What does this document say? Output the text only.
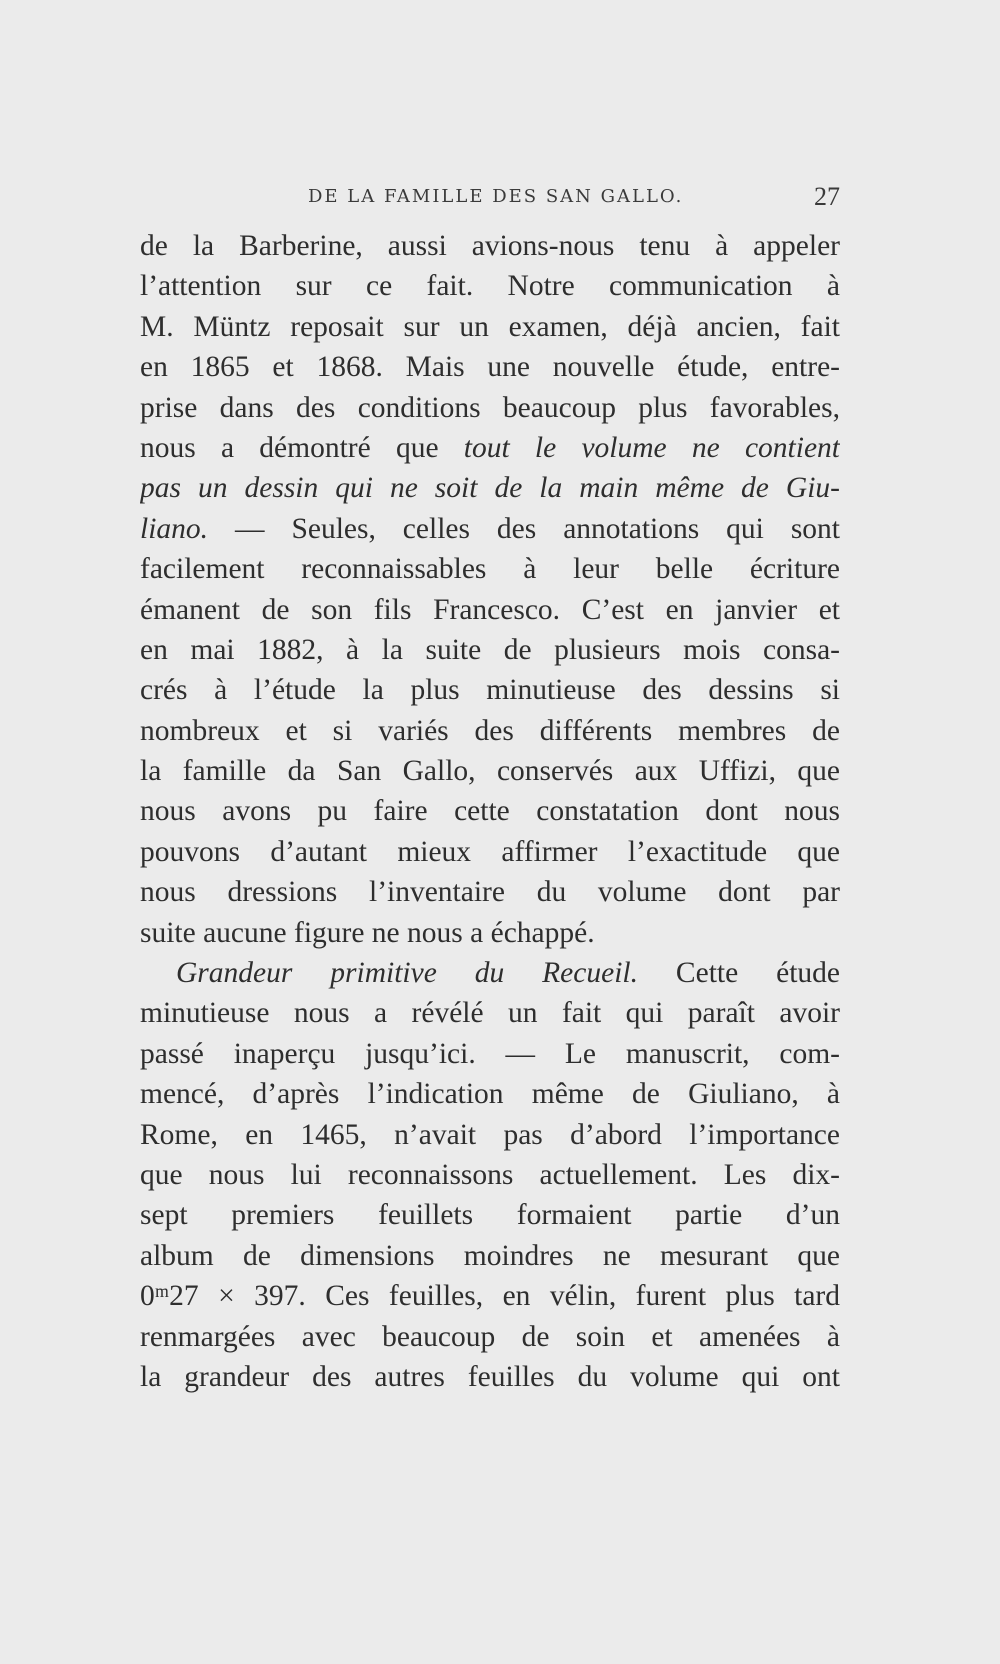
DE LA FAMILLE DES SAN GALLO.	27
de la Barberine, aussi avions-nous tenu à appeler
l’attention sur ce fait. Notre communication à
M. Müntz reposait sur un examen, déjà ancien, fait
en 1865 et 1868. Mais une nouvelle étude, entre-
prise dans des conditions beaucoup plus favorables,
nous a démontré que tout le volume ne contient
pas un dessin qui ne soit de la main même de Giu-
liano. — Seules, celles des annotations qui sont
facilement reconnaissables à leur belle écriture
émanent de son fils Francesco. C’est en janvier et
en mai 1882, à la suite de plusieurs mois consa-
crés à l’étude la plus minutieuse des dessins si
nombreux et si variés des différents membres de
la famille da San Gallo, conservés aux Uffizi, que
nous avons pu faire cette constatation dont nous
pouvons d’autant mieux affirmer l’exactitude que
nous dressions l’inventaire du volume dont par
suite aucune figure ne nous a échappé.
Grandeur primitive du Recueil. Cette étude
minutieuse nous a révélé un fait qui paraît avoir
passé inaperçu jusqu’ici. — Le manuscrit, com-
mencé, d’après l’indication même de Giuliano, à
Rome, en 1465, n’avait pas d’abord l’importance
que nous lui reconnaissons actuellement. Les dix-
sept premiers feuillets formaient partie d’un
album de dimensions moindres ne mesurant que
0ᵐ27 × 397. Ces feuilles, en vélin, furent plus tard
renmargées avec beaucoup de soin et amenées à
la grandeur des autres feuilles du volume qui ont
